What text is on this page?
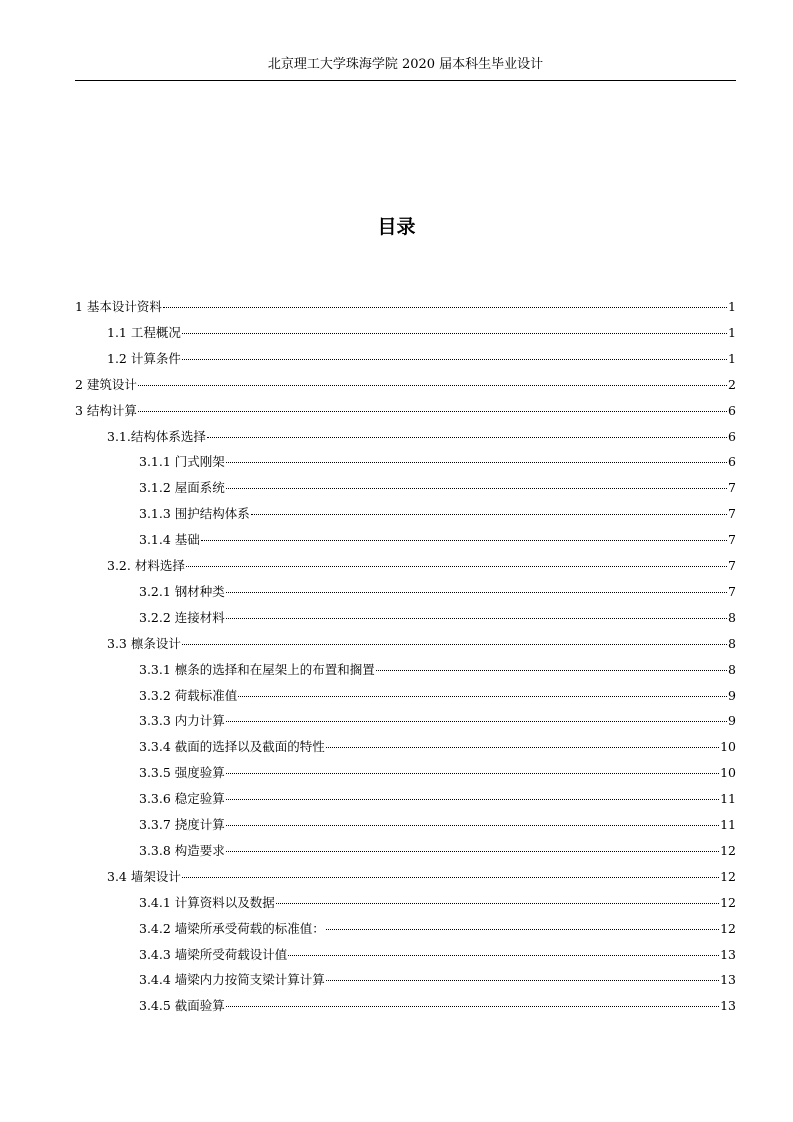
北京理工大学珠海学院 2020 届本科生毕业设计
目录
1 基本设计资料	1
1.1 工程概况	1
1.2 计算条件	1
2 建筑设计	2
3 结构计算	6
3.1.结构体系选择	6
3.1.1 门式刚架	6
3.1.2 屋面系统	7
3.1.3 围护结构体系	7
3.1.4 基础	7
3.2. 材料选择	7
3.2.1 钢材种类	7
3.2.2 连接材料	8
3.3 檩条设计	8
3.3.1 檩条的选择和在屋架上的布置和搁置	8
3.3.2 荷载标准值	9
3.3.3 内力计算	9
3.3.4 截面的选择以及截面的特性	10
3.3.5 强度验算	10
3.3.6 稳定验算	11
3.3.7 挠度计算	11
3.3.8 构造要求	12
3.4 墙架设计	12
3.4.1 计算资料以及数据	12
3.4.2 墙梁所承受荷载的标准值：	12
3.4.3 墙梁所受荷载设计值	13
3.4.4 墙梁内力按简支梁计算计算	13
3.4.5 截面验算	13
